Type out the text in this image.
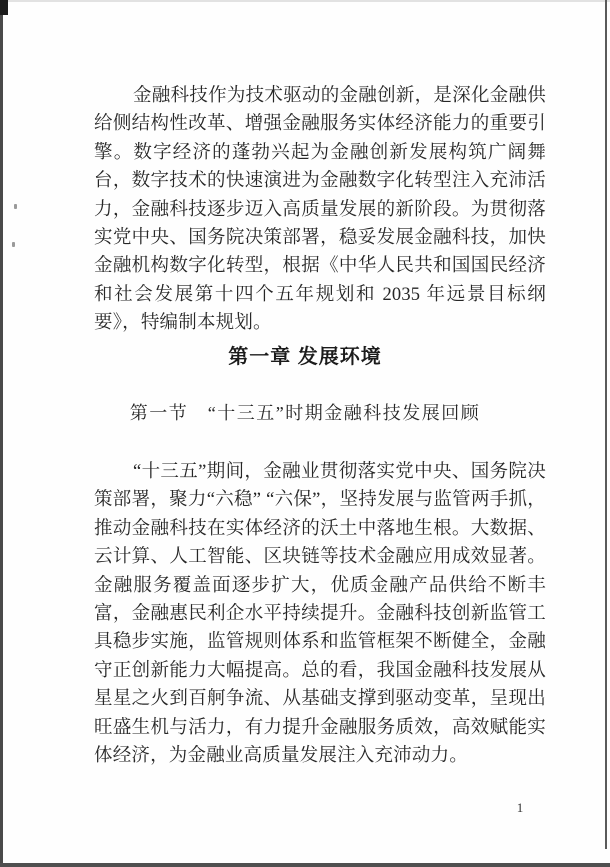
金融科技作为技术驱动的金融创新，是深化金融供给侧结构性改革、增强金融服务实体经济能力的重要引擎。数字经济的蓬勃兴起为金融创新发展构筑广阔舞台，数字技术的快速演进为金融数字化转型注入充沛活力，金融科技逐步迈入高质量发展的新阶段。为贯彻落实党中央、国务院决策部署，稳妥发展金融科技，加快金融机构数字化转型，根据《中华人民共和国国民经济和社会发展第十四个五年规划和 2035 年远景目标纲要》，特编制本规划。

第一章 发展环境
第一节　“十三五”时期金融科技发展回顾

“十三五”期间，金融业贯彻落实党中央、国务院决策部署，聚力“六稳” “六保”，坚持发展与监管两手抓，推动金融科技在实体经济的沃土中落地生根。大数据、云计算、人工智能、区块链等技术金融应用成效显著。金融服务覆盖面逐步扩大，优质金融产品供给不断丰富，金融惠民利企水平持续提升。金融科技创新监管工具稳步实施，监管规则体系和监管框架不断健全，金融守正创新能力大幅提高。总的看，我国金融科技发展从星星之火到百舸争流、从基础支撑到驱动变革，呈现出旺盛生机与活力，有力提升金融服务质效，高效赋能实体经济，为金融业高质量发展注入充沛动力。

1
